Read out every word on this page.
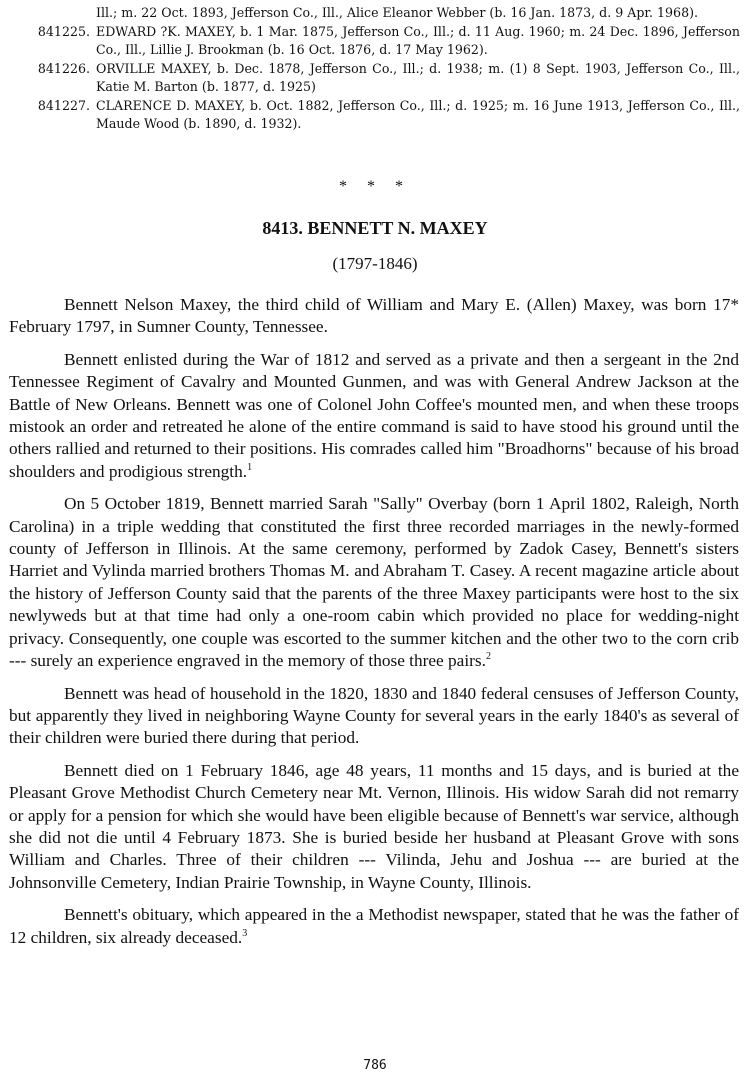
Ill.; m. 22 Oct. 1893, Jefferson Co., Ill., Alice Eleanor Webber (b. 16 Jan. 1873, d. 9 Apr. 1968).
841225. EDWARD ?K. MAXEY, b. 1 Mar. 1875, Jefferson Co., Ill.; d. 11 Aug. 1960; m. 24 Dec. 1896, Jefferson Co., Ill., Lillie J. Brookman (b. 16 Oct. 1876, d. 17 May 1962).
841226. ORVILLE MAXEY, b. Dec. 1878, Jefferson Co., Ill.; d. 1938; m. (1) 8 Sept. 1903, Jefferson Co., Ill., Katie M. Barton (b. 1877, d. 1925)
841227. CLARENCE D. MAXEY, b. Oct. 1882, Jefferson Co., Ill.; d. 1925; m. 16 June 1913, Jefferson Co., Ill., Maude Wood (b. 1890, d. 1932).
* * *
8413. BENNETT N. MAXEY
(1797-1846)

Bennett Nelson Maxey, the third child of William and Mary E. (Allen) Maxey, was born 17* February 1797, in Sumner County, Tennessee.

Bennett enlisted during the War of 1812 and served as a private and then a sergeant in the 2nd Tennessee Regiment of Cavalry and Mounted Gunmen, and was with General Andrew Jackson at the Battle of New Orleans. Bennett was one of Colonel John Coffee's mounted men, and when these troops mistook an order and retreated he alone of the entire command is said to have stood his ground until the others rallied and returned to their positions. His comrades called him "Broadhorns" because of his broad shoulders and prodigious strength.$^1$

On 5 October 1819, Bennett married Sarah "Sally" Overbay (born 1 April 1802, Raleigh, North Carolina) in a triple wedding that constituted the first three recorded marriages in the newly-formed county of Jefferson in Illinois. At the same ceremony, performed by Zadok Casey, Bennett's sisters Harriet and Vylinda married brothers Thomas M. and Abraham T. Casey. A recent magazine article about the history of Jefferson County said that the parents of the three Maxey participants were host to the six newlyweds but at that time had only a one-room cabin which provided no place for wedding-night privacy. Consequently, one couple was escorted to the summer kitchen and the other two to the corn crib --- surely an experience engraved in the memory of those three pairs.$^2$

Bennett was head of household in the 1820, 1830 and 1840 federal censuses of Jefferson County, but apparently they lived in neighboring Wayne County for several years in the early 1840's as several of their children were buried there during that period.

Bennett died on 1 February 1846, age 48 years, 11 months and 15 days, and is buried at the Pleasant Grove Methodist Church Cemetery near Mt. Vernon, Illinois. His widow Sarah did not remarry or apply for a pension for which she would have been eligible because of Bennett's war service, although she did not die until 4 February 1873. She is buried beside her husband at Pleasant Grove with sons William and Charles. Three of their children --- Vilinda, Jehu and Joshua --- are buried at the Johnsonville Cemetery, Indian Prairie Township, in Wayne County, Illinois.

Bennett's obituary, which appeared in the a Methodist newspaper, stated that he was the father of 12 children, six already deceased.$^3$

786
